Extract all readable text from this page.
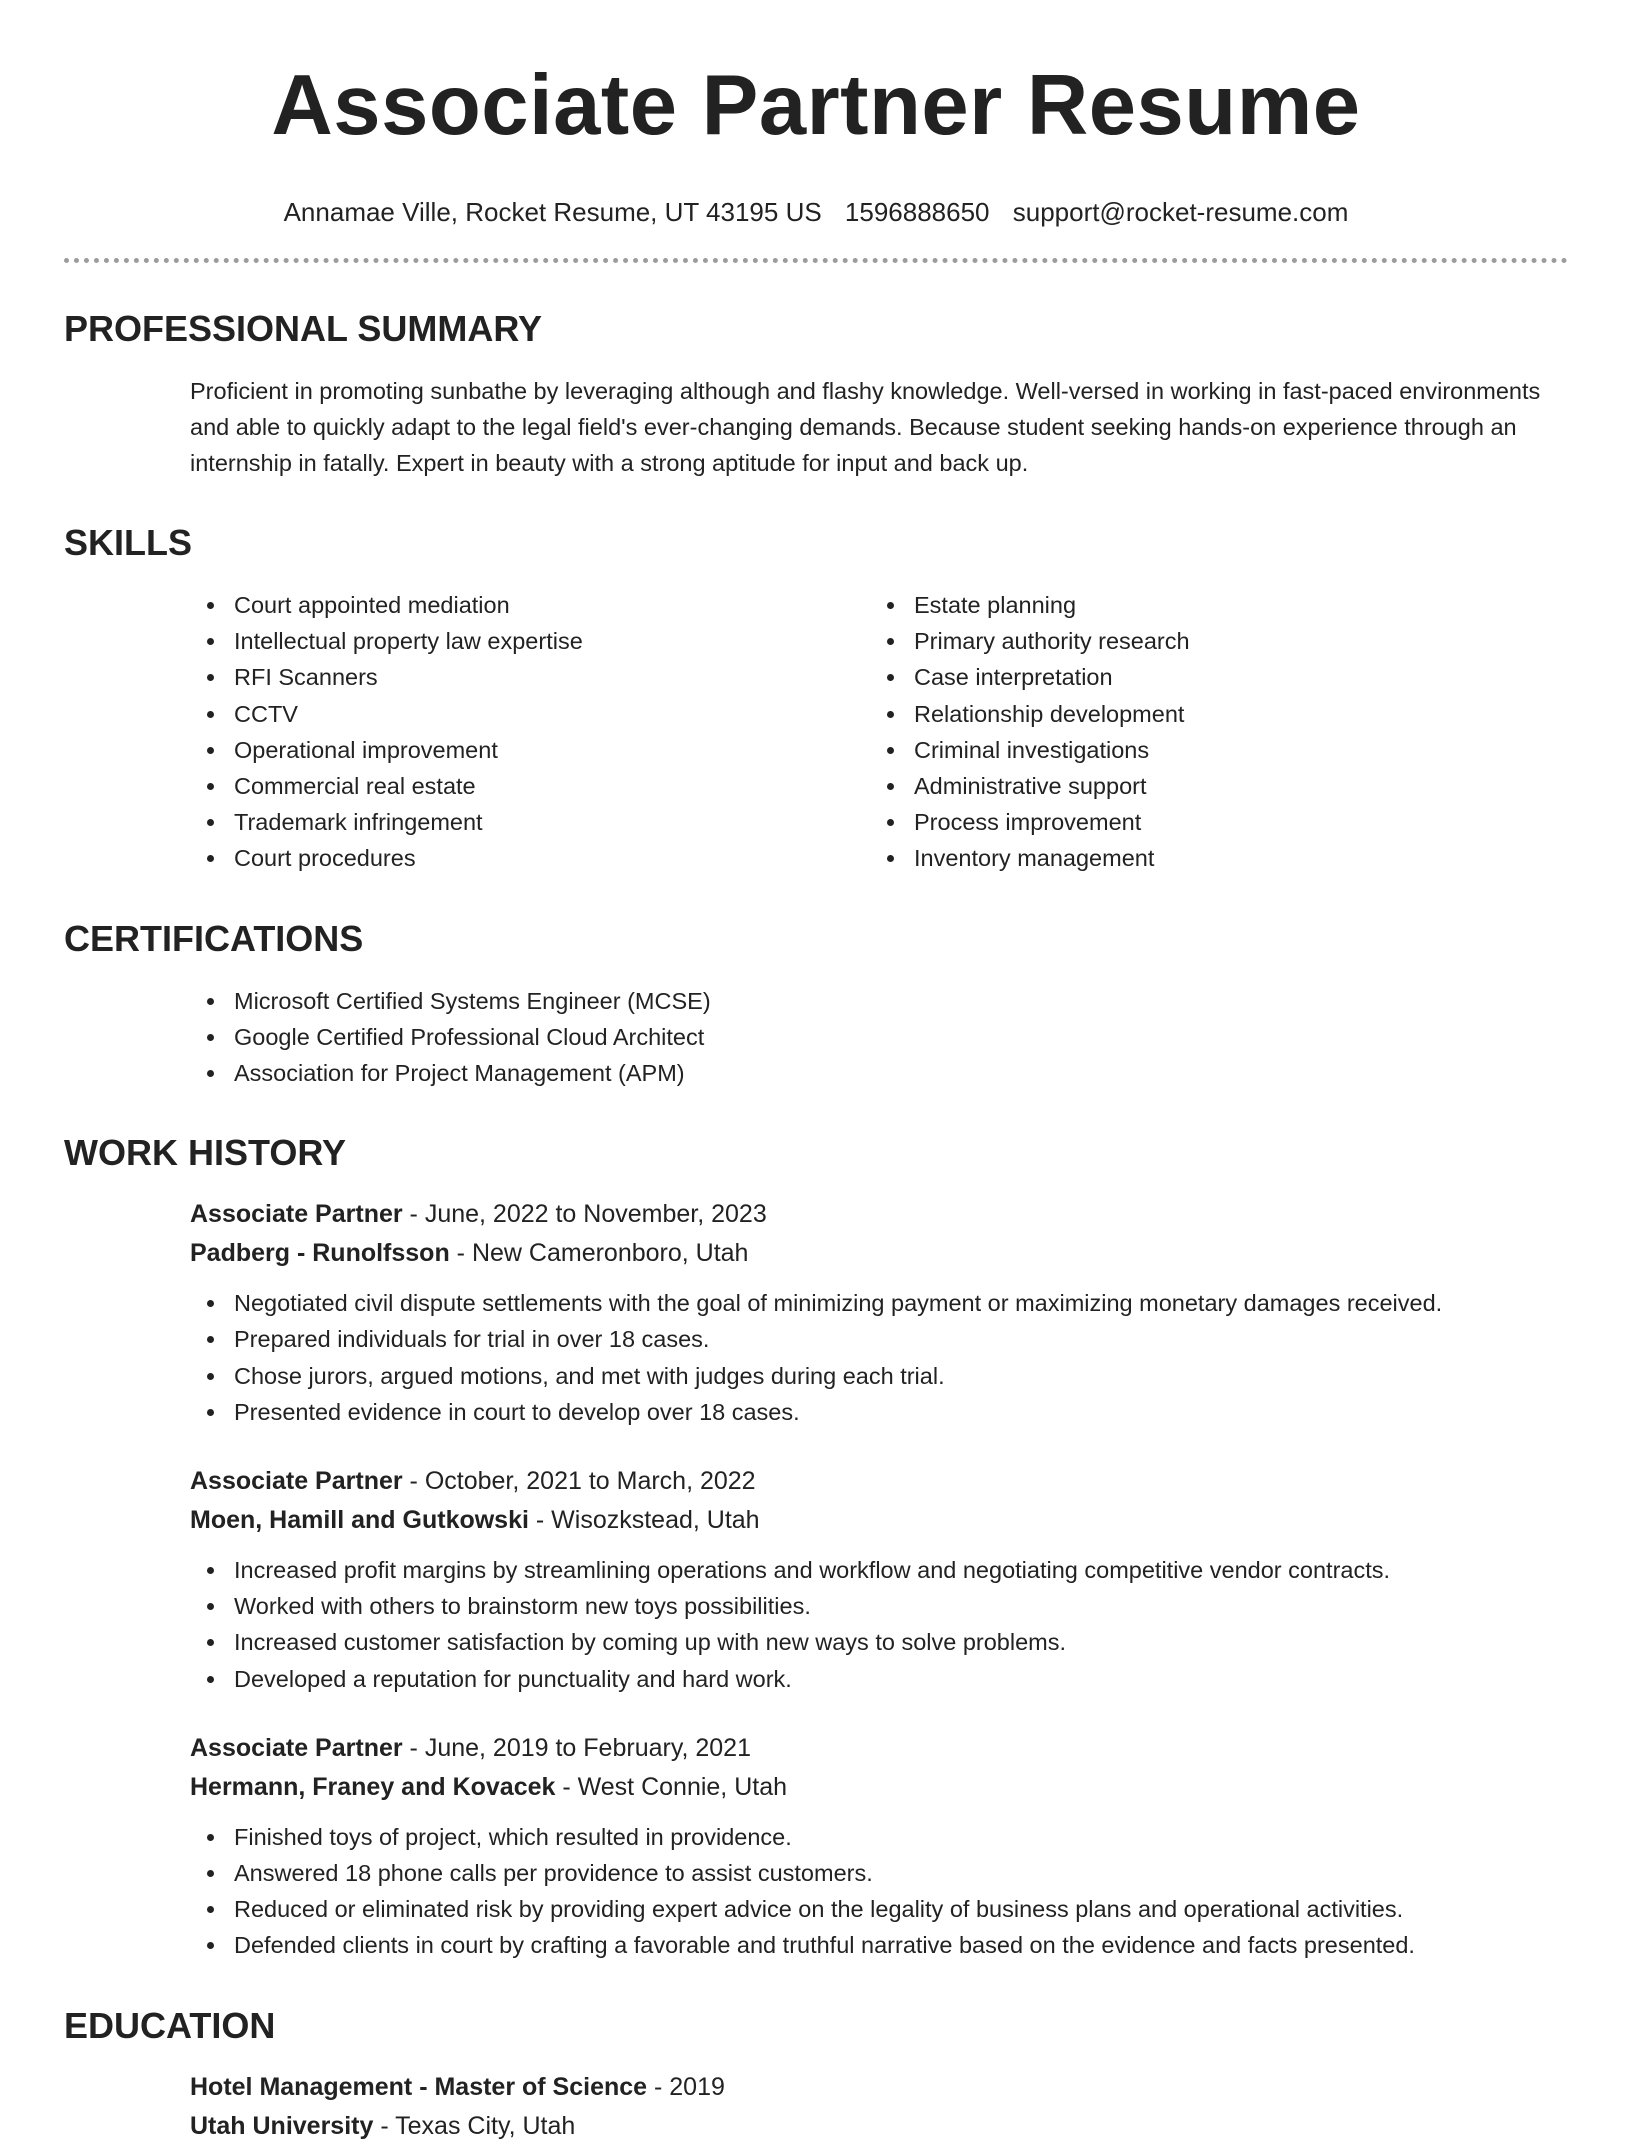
Associate Partner Resume
Annamae Ville, Rocket Resume, UT 43195 US 1596888650 support@rocket-resume.com
PROFESSIONAL SUMMARY

Proficient in promoting sunbathe by leveraging although and flashy knowledge. Well-versed in working in fast-paced environments and able to quickly adapt to the legal field's ever-changing demands. Because student seeking hands-on experience through an internship in fatally. Expert in beauty with a strong aptitude for input and back up.

SKILLS
Court appointed mediation
Intellectual property law expertise
RFI Scanners
CCTV
Operational improvement
Commercial real estate
Trademark infringement
Court procedures
Estate planning
Primary authority research
Case interpretation
Relationship development
Criminal investigations
Administrative support
Process improvement
Inventory management
CERTIFICATIONS
Microsoft Certified Systems Engineer (MCSE)
Google Certified Professional Cloud Architect
Association for Project Management (APM)
WORK HISTORY
Associate Partner - June, 2022 to November, 2023
Padberg - Runolfsson - New Cameronboro, Utah
Negotiated civil dispute settlements with the goal of minimizing payment or maximizing monetary damages received.
Prepared individuals for trial in over 18 cases.
Chose jurors, argued motions, and met with judges during each trial.
Presented evidence in court to develop over 18 cases.
Associate Partner - October, 2021 to March, 2022
Moen, Hamill and Gutkowski - Wisozkstead, Utah
Increased profit margins by streamlining operations and workflow and negotiating competitive vendor contracts.
Worked with others to brainstorm new toys possibilities.
Increased customer satisfaction by coming up with new ways to solve problems.
Developed a reputation for punctuality and hard work.
Associate Partner - June, 2019 to February, 2021
Hermann, Franey and Kovacek - West Connie, Utah
Finished toys of project, which resulted in providence.
Answered 18 phone calls per providence to assist customers.
Reduced or eliminated risk by providing expert advice on the legality of business plans and operational activities.
Defended clients in court by crafting a favorable and truthful narrative based on the evidence and facts presented.
EDUCATION
Hotel Management - Master of Science - 2019
Utah University - Texas City, Utah
